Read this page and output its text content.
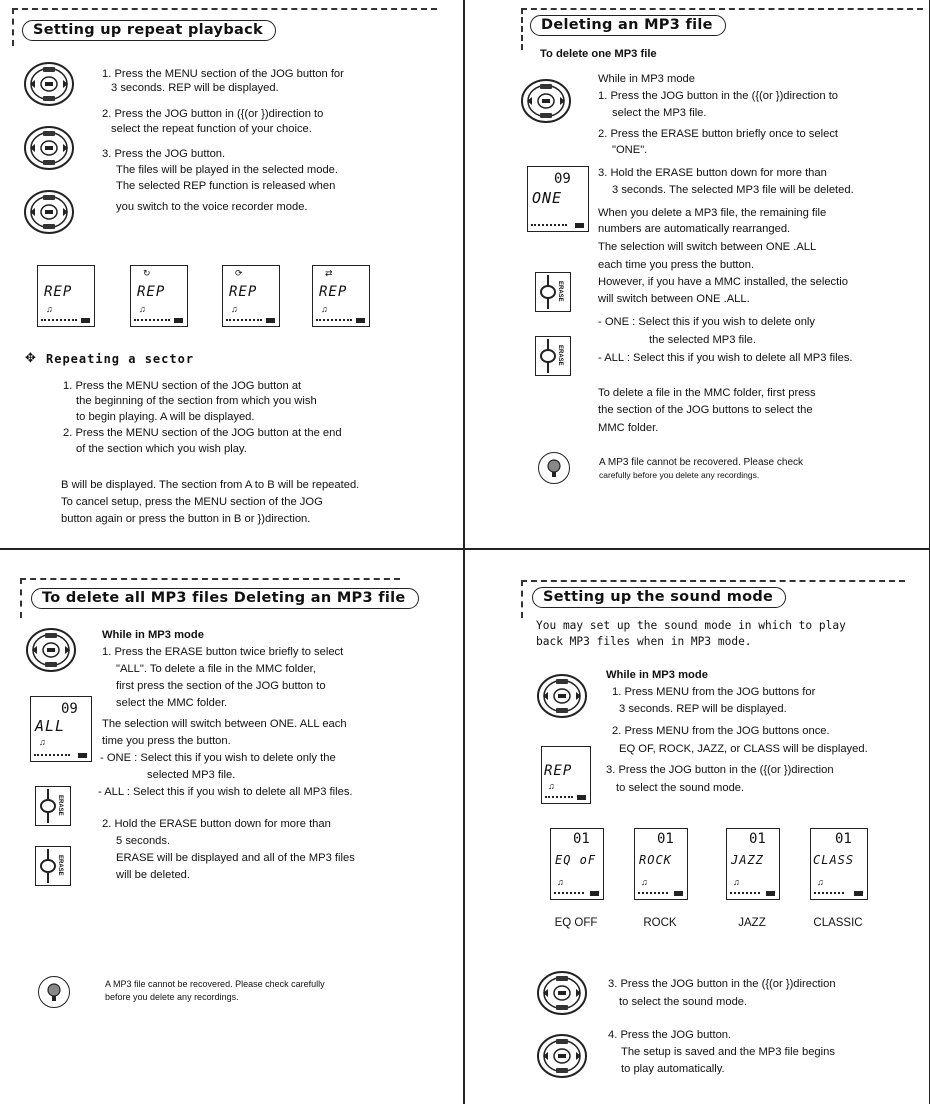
Setting up repeat playback
1. Press the MENU section of the JOG button for
3 seconds. REP will be displayed.
2. Press the JOG button in ({(or })direction to
select the repeat function of your choice.
3. Press the JOG button.
The files will be played in the selected mode.
The selected REP function is released when
you switch to the voice recorder mode.
REP
♫
↻
REP
♫
⟳
REP
♫
⇄
REP
♫
✥ Repeating a sector
1. Press the MENU section of the JOG button at
the beginning of the section from which you wish
to begin playing. A will be displayed.
2. Press the MENU section of the JOG button at the end
of the section which you wish play.
B will be displayed. The section from A to B will be repeated.
To cancel setup, press the MENU section of the JOG
button again or press the button in B or })direction.
Deleting an MP3 file
To delete one MP3 file
09
ONE
ERASE
ERASE
While in MP3 mode
1. Press the JOG button in the ({(or })direction to
select the MP3 file.
2. Press the ERASE button briefly once to select
"ONE".
3. Hold the ERASE button down for more than
3 seconds. The selected MP3 file will be deleted.
When you delete a MP3 file, the remaining file
numbers are automatically rearranged.
The selection will switch between ONE .ALL
each time you press the button.
However, if you have a MMC installed, the selectio
will switch between ONE .ALL.
- ONE : Select this if you wish to delete only
the selected MP3 file.
- ALL : Select this if you wish to delete all MP3 files.
To delete a file in the MMC folder, first press
the section of the JOG buttons to select the
MMC folder.
A MP3 file cannot be recovered. Please check
carefully before you delete any recordings.
To delete all MP3 files Deleting an MP3 file
09
ALL
♫
ERASE
ERASE
While in MP3 mode
1. Press the ERASE button twice briefly to select
"ALL". To delete a file in the MMC folder,
first press the section of the JOG button to
select the MMC folder.
The selection will switch between ONE. ALL each
time you press the button.
- ONE : Select this if you wish to delete only the
selected MP3 file.
- ALL : Select this if you wish to delete all MP3 files.
2. Hold the ERASE button down for more than
5 seconds.
ERASE will be displayed and all of the MP3 files
will be deleted.
A MP3 file cannot be recovered. Please check carefully
before you delete any recordings.
Setting up the sound mode
You may set up the sound mode in which to play
back MP3 files when in MP3 mode.
REP
♫
While in MP3 mode
1. Press MENU from the JOG buttons for
3 seconds. REP will be displayed.
2. Press MENU from the JOG buttons once.
EQ OF, ROCK, JAZZ, or CLASS will be displayed.
3. Press the JOG button in the ({(or })direction
to select the sound mode.
01
EQ oF
♫
01
ROCK
♫
01
JAZZ
♫
01
CLASS
♫
EQ OFF	ROCK	JAZZ	CLASSIC
3. Press the JOG button in the ({(or })direction
to select the sound mode.
4. Press the JOG button.
The setup is saved and the MP3 file begins
to play automatically.
